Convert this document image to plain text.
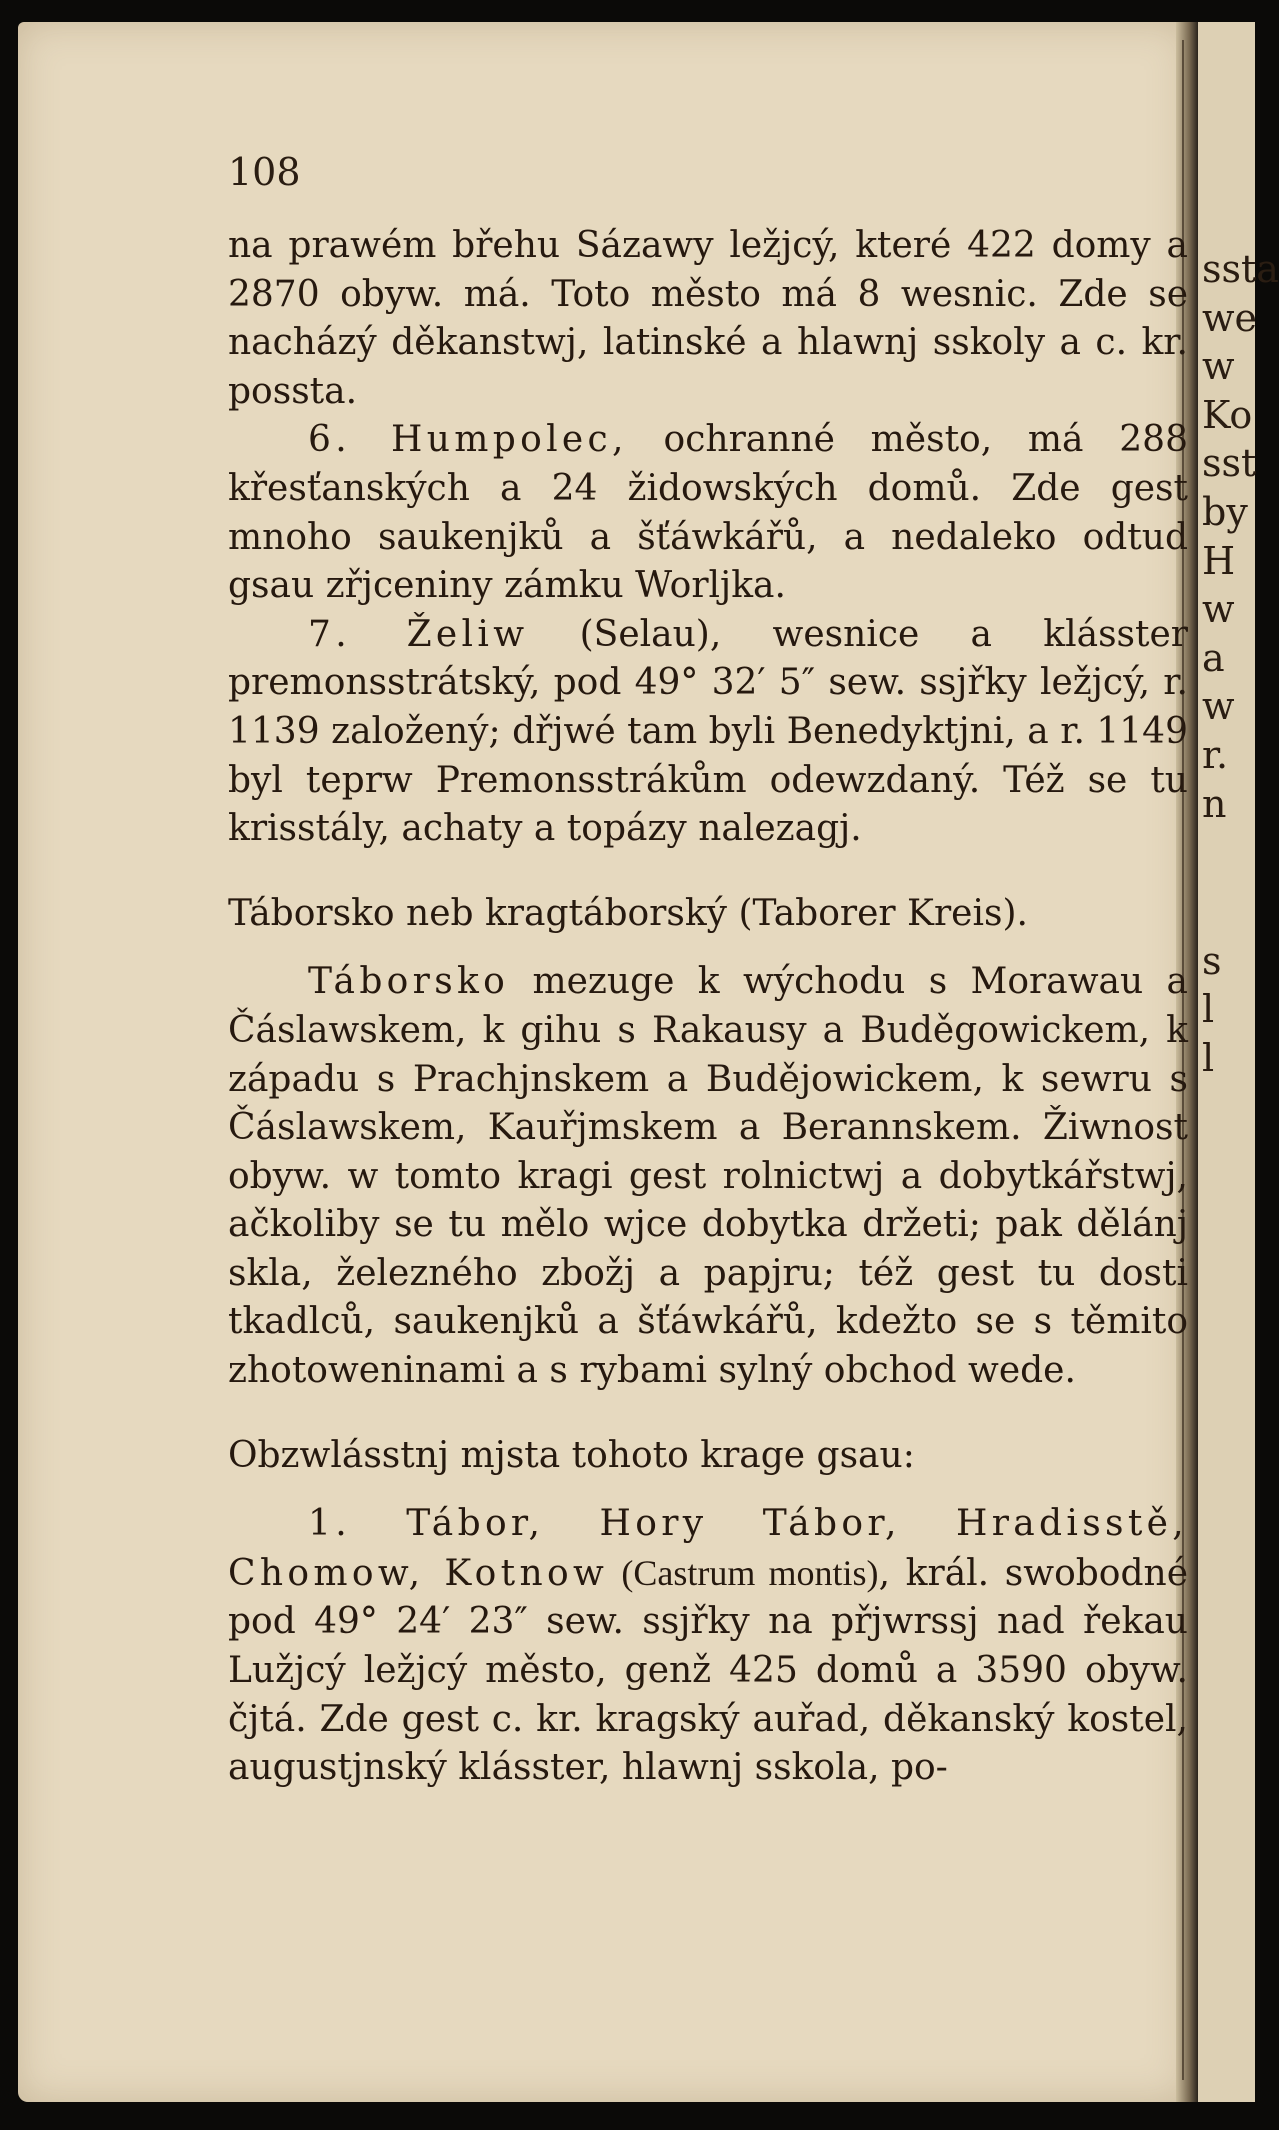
ssta
we
w
Ko
sst
by
H
w
a
w
r.
n
s
l
l
108

na prawém břehu Sázawy ležjcý, které 422 domy a 2870 obyw. má. Toto město má 8 wesnic. Zde se nacházý děkanstwj, latinské a hlawnj sskoly a c. kr. possta.

6. Humpolec, ochranné město, má 288 křesťanských a 24 židowských domů. Zde gest mnoho saukenjků a šťáwkářů, a nedaleko odtud gsau zřjceniny zámku Worljka.

7. Želiw (Selau), wesnice a klásster premonsstrátský, pod 49° 32′ 5″ sew. ssjřky ležjcý, r. 1139 založený; dřjwé tam byli Benedyktjni, a r. 1149 byl teprw Premonsstrákům odewzdaný. Též se tu krisstály, achaty a topázy nalezagj.

Táborsko neb kragtáborský (Taborer Kreis).

Táborsko mezuge k wýchodu s Morawau a Čáslawskem, k gihu s Rakausy a Buděgowickem, k západu s Prachjnskem a Budějowickem, k sewru s Čáslawskem, Kauřjmskem a Berannskem. Žiwnost obyw. w tomto kragi gest rolnictwj a dobytkářstwj, ačkoliby se tu mělo wjce dobytka držeti; pak dělánj skla, železného zbožj a papjru; též gest tu dosti tkadlců, saukenjků a šťáwkářů, kdežto se s těmito zhotoweninami a s rybami sylný obchod wede.

Obzwlásstnj mjsta tohoto krage gsau:

1. Tábor, Hory Tábor, Hradisstě, Chomow, Kotnow (Castrum montis), král. swobodné pod 49° 24′ 23″ sew. ssjřky na přjwrssj nad řekau Lužjcý ležjcý město, genž 425 domů a 3590 obyw. čjtá. Zde gest c. kr. kragský auřad, děkanský kostel, augustjnský klásster, hlawnj sskola, po-
